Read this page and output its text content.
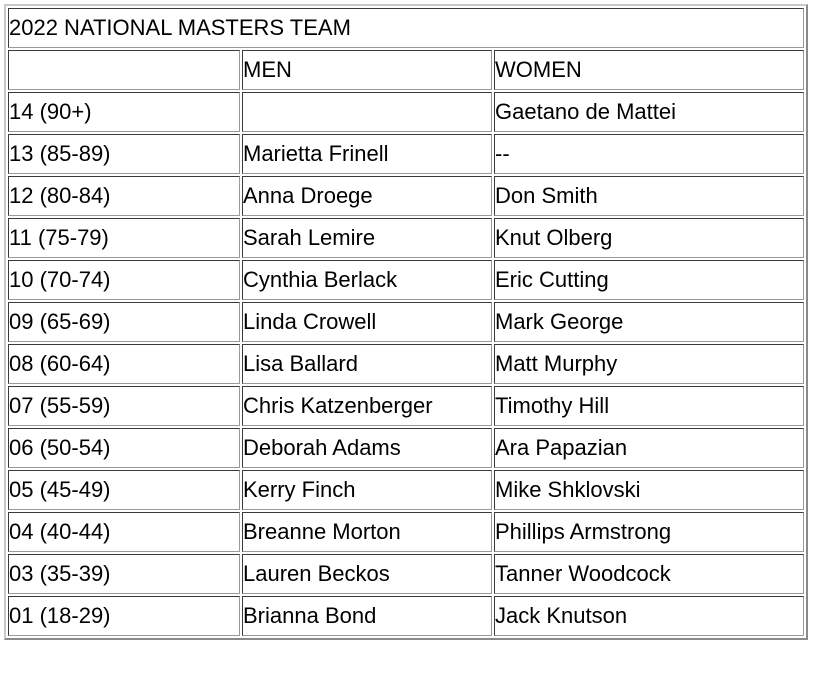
2022 NATIONAL MASTERS TEAM		
	MEN	WOMEN
14 (90+)		Gaetano de Mattei
13 (85-89)	Marietta Frinell	--
12 (80-84)	Anna Droege	Don Smith
11 (75-79)	Sarah Lemire	Knut Olberg
10 (70-74)	Cynthia Berlack	Eric Cutting
09 (65-69)	Linda Crowell	Mark George
08 (60-64)	Lisa Ballard	Matt Murphy
07 (55-59)	Chris Katzenberger	Timothy Hill
06 (50-54)	Deborah Adams	Ara Papazian
05 (45-49)	Kerry Finch	Mike Shklovski
04 (40-44)	Breanne Morton	Phillips Armstrong
03 (35-39)	Lauren Beckos	Tanner Woodcock
01 (18-29)	Brianna Bond	Jack Knutson
